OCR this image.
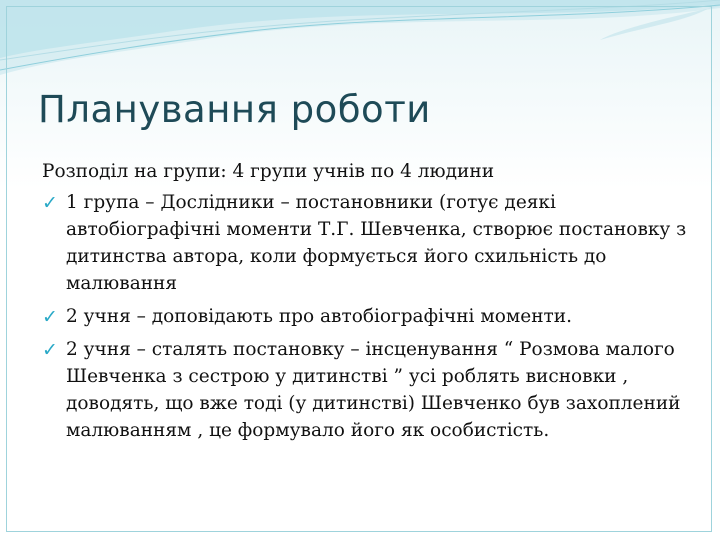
Планування роботи

Розподіл на групи: 4 групи учнів по 4 людини

✓ 1 група – Дослідники – постановники (готує деякі автобіографічні моменти Т.Г. Шевченка, створює постановку з дитинства автора, коли формується його схильність до малювання
✓ 2 учня – доповідають про автобіографічні моменти.
✓ 2 учня – сталять постановку – інсценування “ Розмова малого Шевченка з сестрою у дитинстві ” усі роблять висновки , доводять, що вже тоді (у дитинстві) Шевченко був захоплений малюванням , це формувало його як особистість.
